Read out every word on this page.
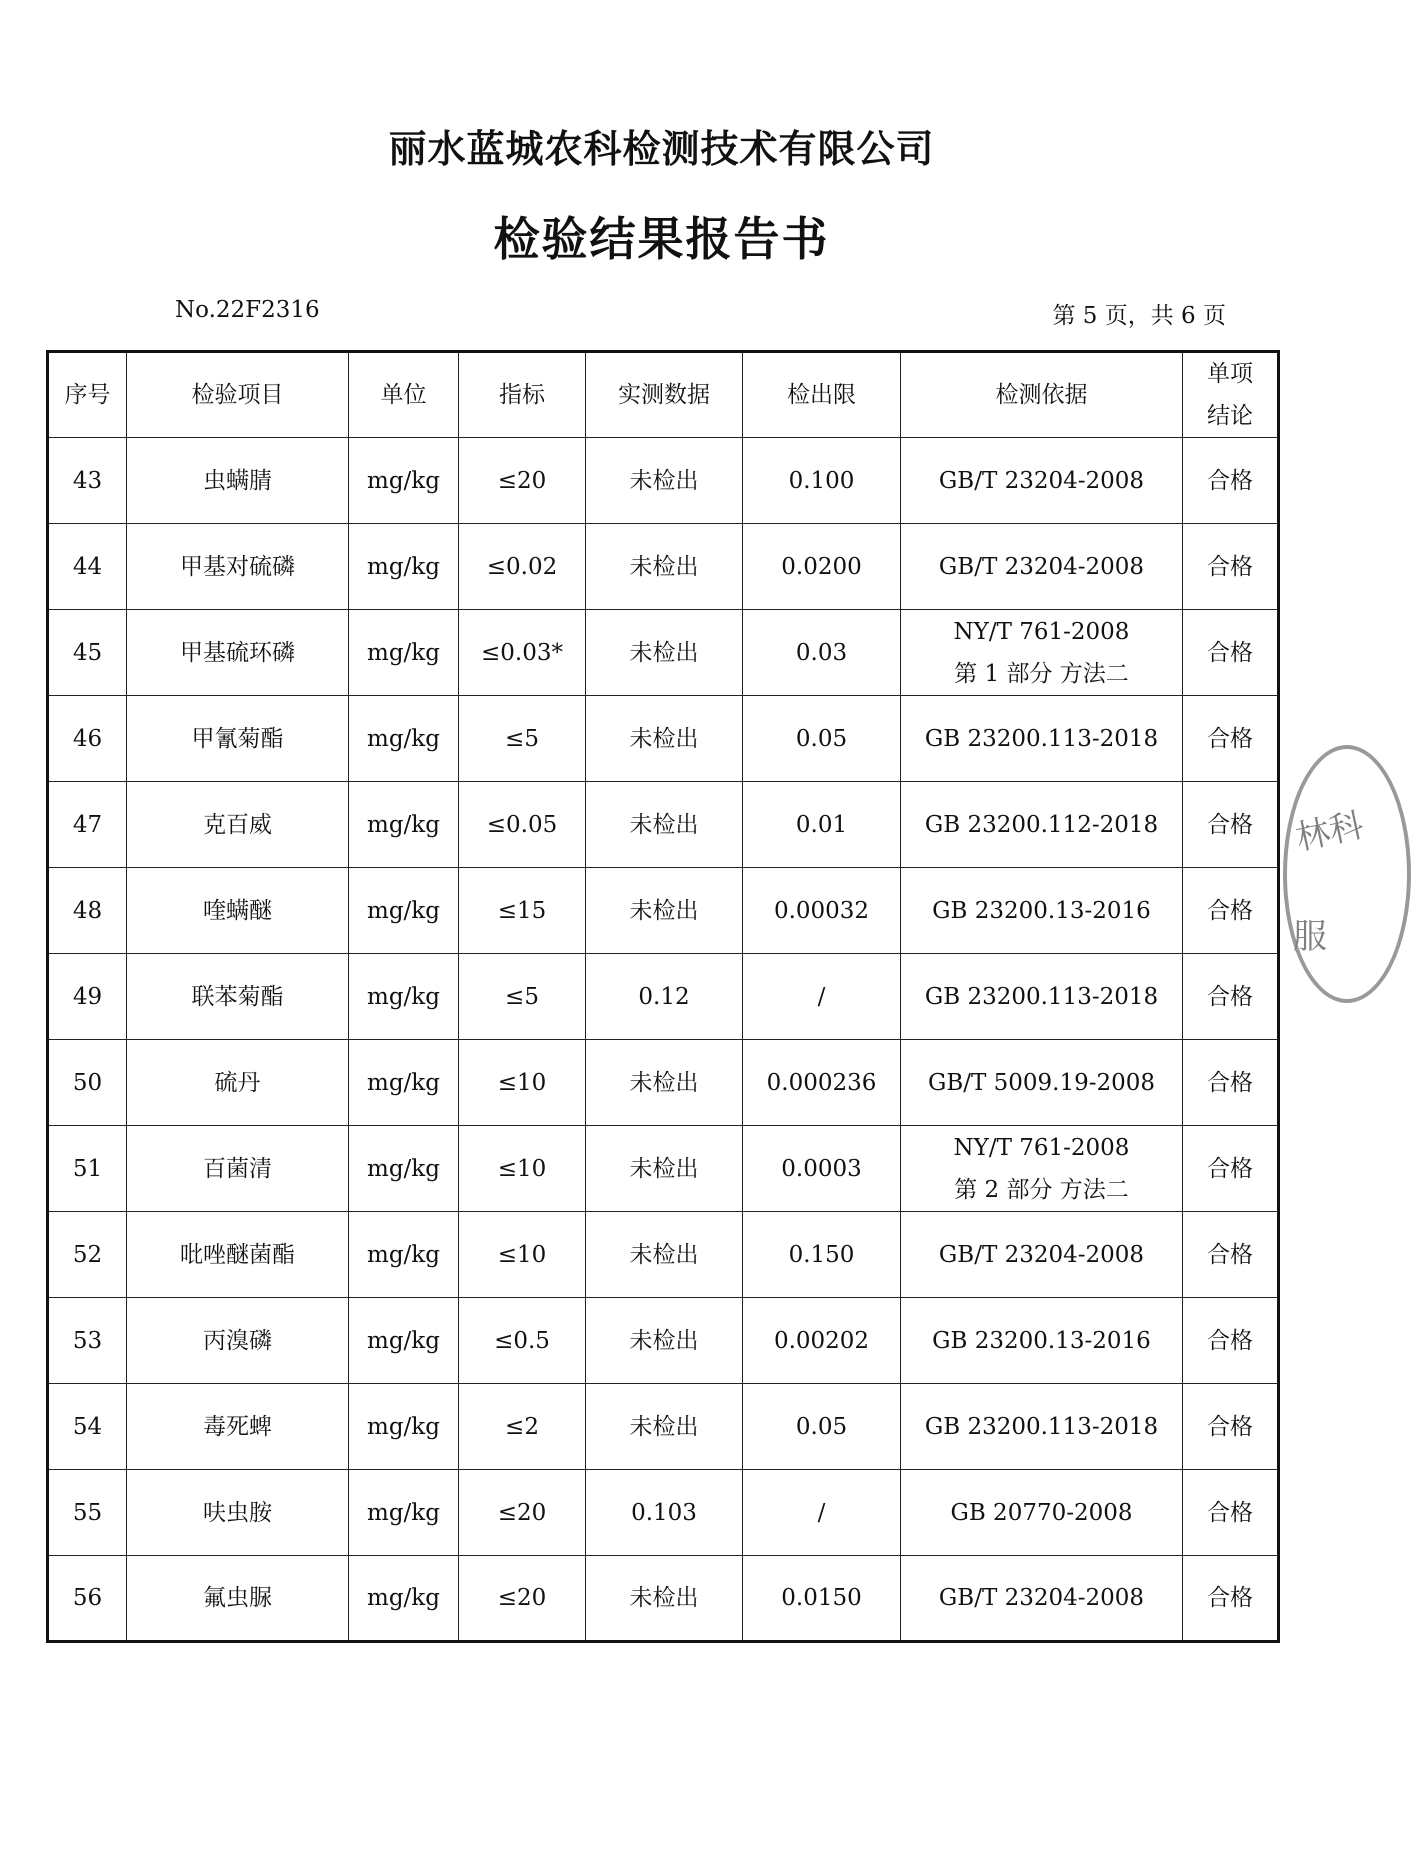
丽水蓝城农科检测技术有限公司
检验结果报告书
No.22F2316	第 5 页，共 6 页
序号	检验项目	单位	指标	实测数据	检出限	检测依据	单项
结论

43	虫螨腈	mg/kg	≤20	未检出	0.100	GB/T 23204-2008	合格
44	甲基对硫磷	mg/kg	≤0.02	未检出	0.0200	GB/T 23204-2008	合格
45	甲基硫环磷	mg/kg	≤0.03*	未检出	0.03	NY/T 761-2008
第 1 部分 方法二	合格
46	甲氰菊酯	mg/kg	≤5	未检出	0.05	GB 23200.113-2018	合格
47	克百威	mg/kg	≤0.05	未检出	0.01	GB 23200.112-2018	合格
48	喹螨醚	mg/kg	≤15	未检出	0.00032	GB 23200.13-2016	合格
49	联苯菊酯	mg/kg	≤5	0.12	/	GB 23200.113-2018	合格
50	硫丹	mg/kg	≤10	未检出	0.000236	GB/T 5009.19-2008	合格
51	百菌清	mg/kg	≤10	未检出	0.0003	NY/T 761-2008
第 2 部分 方法二	合格
52	吡唑醚菌酯	mg/kg	≤10	未检出	0.150	GB/T 23204-2008	合格
53	丙溴磷	mg/kg	≤0.5	未检出	0.00202	GB 23200.13-2016	合格
54	毒死蜱	mg/kg	≤2	未检出	0.05	GB 23200.113-2018	合格
55	呋虫胺	mg/kg	≤20	0.103	/	GB 20770-2008	合格
56	氟虫脲	mg/kg	≤20	未检出	0.0150	GB/T 23204-2008	合格
林科
服
